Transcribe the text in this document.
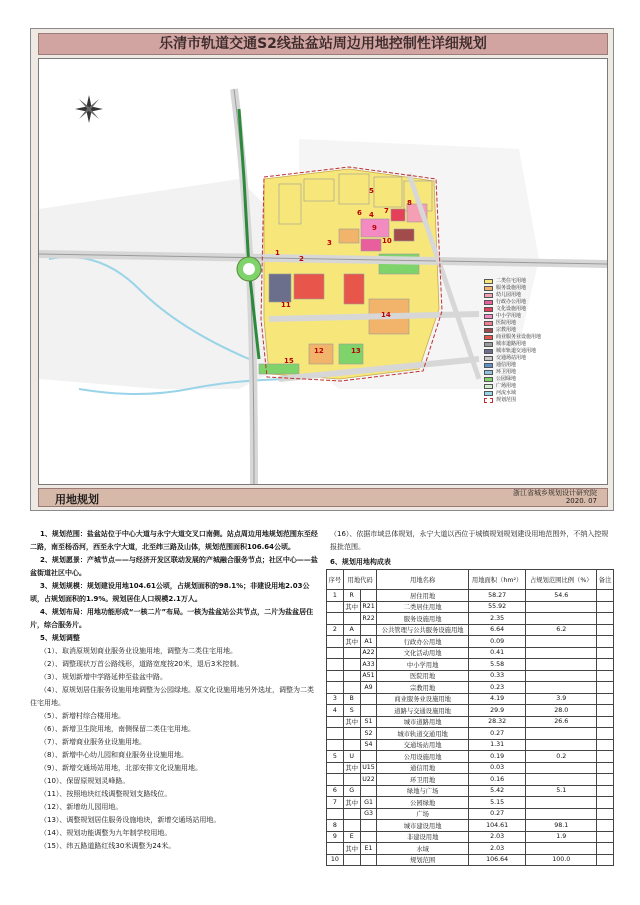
乐清市轨道交通S2线盐盆站周边用地控制性详细规划
1
2
3
4
5
6	7
8
9
10
11
12	13
14
15
二类住宅用地
服务设施用地
幼儿园用地
行政办公用地
文化设施用地
中小学用地
医院用地
宗教用地
商业服务业设施用地
城市道路用地
城市轨道交通用地
交通场站用地
通信用地
环卫用地
公园绿地
广场用地
河流水域
规划范围
用地规划	浙江省城乡规划设计研究院
2020. 07

1、规划范围：盐盆站位于中心大道与永宁大道交叉口南侧。站点周边用地规划范围东至经二路，南至杨岙河，西至永宁大道，北至纬三路及山体，规划范围面积106.64公顷。

2、规划愿景：产城节点——与经济开发区联动发展的产城融合服务节点；社区中心——盐盆街道社区中心。

3、规划规模：规划建设用地104.61公顷，占规划面积的98.1%；非建设用地2.03公顷，占规划面积的1.9%。规划居住人口规模2.1万人。

4、规划布局：用地功能形成“一核二片”布局。一核为盐盆站公共节点，二片为盐盆居住片，综合服务片。

5、规划调整

（1）、取消原规划商业服务业设施用地，调整为二类住宅用地。

（2）、调整现状万首公路线形，道路宽度按20米，退后3米控制。

（3）、规划新增中学路延伸至盐盆中路。

（4）、原规划居住服务设施用地调整为公园绿地。原文化设施用地另外选址，调整为二类住宅用地。

（5）、新增村综合楼用地。

（6）、新增卫生院用地，南侧保留二类住宅用地。

（7）、新增商业服务业设施用地。

（8）、新增中心幼儿园和商业服务业设施用地。

（9）、新增交通场站用地，北部安排文化设施用地。

（10）、保留原规划灵峰路。

（11）、按照地块红线调整规划支路线位。

（12）、新增幼儿园用地。

（13）、调整规划居住服务设施地块，新增交通场站用地。

（14）、规划功能调整为九年制学校用地。

（15）、纬五路道路红线30米调整为24米。

（16）、依据市域总体规划，永宁大道以西位于城镇规划规划建设用地范围外，不纳入控规报批范围。

6、规划用地构成表

序号	用地代码		用地名称	用地面积（hm²）	占规划范围比例（%）	备注
1	R		居住用地	58.27	54.6	
	其中	R21	二类居住用地	55.92		
		R22	服务设施用地	2.35		
2	A		公共管理与公共服务设施用地	6.64	6.2	
	其中	A1	行政办公用地	0.09		
		A22	文化活动用地	0.41		
		A33	中小学用地	5.58		
		A51	医院用地	0.33		
		A9	宗教用地	0.23		
3	B		商业服务业设施用地	4.19	3.9	
4	S		道路与交通设施用地	29.9	28.0	
	其中	S1	城市道路用地	28.32	26.6	
		S2	城市轨道交通用地	0.27		
		S4	交通场站用地	1.31		
5	U		公用设施用地	0.19	0.2	
	其中	U15	通信用地	0.03		
		U22	环卫用地	0.16		
6	G		绿地与广场	5.42	5.1	
7	其中	G1	公园绿地	5.15		
		G3	广场	0.27		
8			城市建设用地	104.61	98.1	
9	E		非建设用地	2.03	1.9	
	其中	E1	水域	2.03		
10			规划范围	106.64	100.0	
